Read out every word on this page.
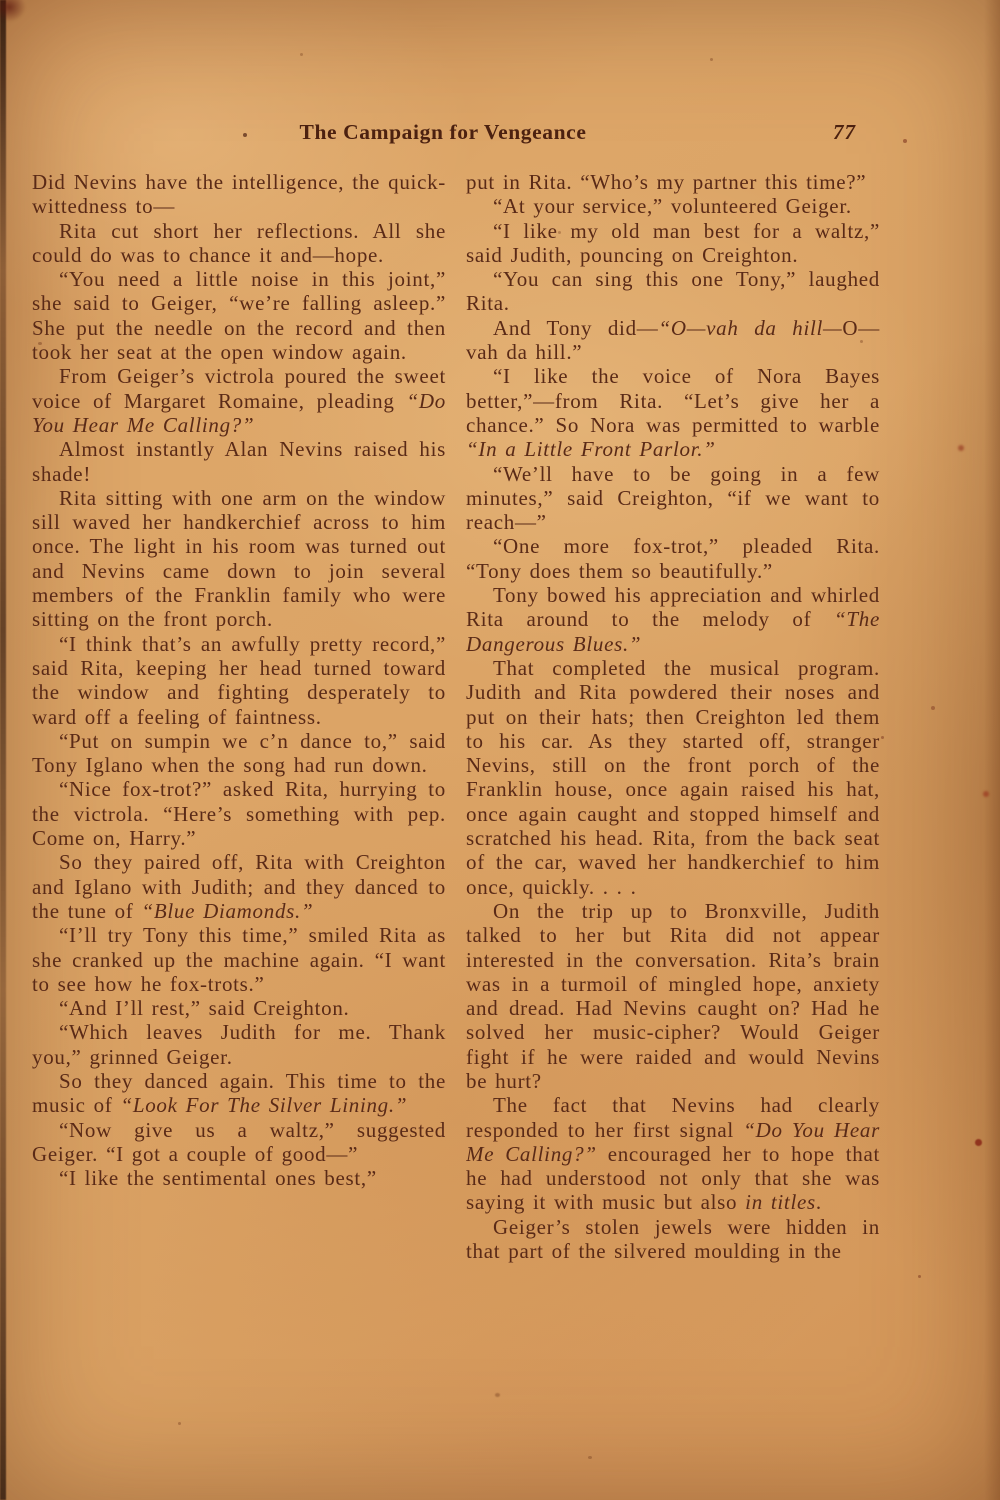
The Campaign for Vengeance	77

Did Nevins have the intelligence, the quick-wittedness to—

Rita cut short her reflections. All she could do was to chance it and—hope.

“You need a little noise in this joint,” she said to Geiger, “we’re falling asleep.” She put the needle on the record and then took her seat at the open window again.

From Geiger’s victrola poured the sweet voice of Margaret Romaine, pleading “Do You Hear Me Calling?”

Almost instantly Alan Nevins raised his shade!

Rita sitting with one arm on the window sill waved her handkerchief across to him once. The light in his room was turned out and Nevins came down to join several members of the Franklin family who were sitting on the front porch.

“I think that’s an awfully pretty record,” said Rita, keeping her head turned toward the window and fighting desperately to ward off a feeling of faintness.

“Put on sumpin we c’n dance to,” said Tony Iglano when the song had run down.

“Nice fox-trot?” asked Rita, hurrying to the victrola. “Here’s something with pep. Come on, Harry.”

So they paired off, Rita with Creighton and Iglano with Judith; and they danced to the tune of “Blue Diamonds.”

“I’ll try Tony this time,” smiled Rita as she cranked up the machine again. “I want to see how he fox-trots.”

“And I’ll rest,” said Creighton.

“Which leaves Judith for me. Thank you,” grinned Geiger.

So they danced again. This time to the music of “Look For The Silver Lining.”

“Now give us a waltz,” suggested Geiger. “I got a couple of good—”

“I like the sentimental ones best,”

put in Rita. “Who’s my partner this time?”

“At your service,” volunteered Geiger.

“I like my old man best for a waltz,” said Judith, pouncing on Creighton.

“You can sing this one Tony,” laughed Rita.

And Tony did—“O—vah da hill—O—vah da hill.”

“I like the voice of Nora Bayes better,”—from Rita. “Let’s give her a chance.” So Nora was permitted to warble “In a Little Front Parlor.”

“We’ll have to be going in a few minutes,” said Creighton, “if we want to reach—”

“One more fox-trot,” pleaded Rita. “Tony does them so beautifully.”

Tony bowed his appreciation and whirled Rita around to the melody of “The Dangerous Blues.”

That completed the musical program. Judith and Rita powdered their noses and put on their hats; then Creighton led them to his car. As they started off, stranger Nevins, still on the front porch of the Franklin house, once again raised his hat, once again caught and stopped himself and scratched his head. Rita, from the back seat of the car, waved her handkerchief to him once, quickly. . . .

On the trip up to Bronxville, Judith talked to her but Rita did not appear interested in the conversation. Rita’s brain was in a turmoil of mingled hope, anxiety and dread. Had Nevins caught on? Had he solved her music-cipher? Would Geiger fight if he were raided and would Nevins be hurt?

The fact that Nevins had clearly responded to her first signal “Do You Hear Me Calling?” encouraged her to hope that he had understood not only that she was saying it with music but also in titles.

Geiger’s stolen jewels were hidden in that part of the silvered moulding in the
